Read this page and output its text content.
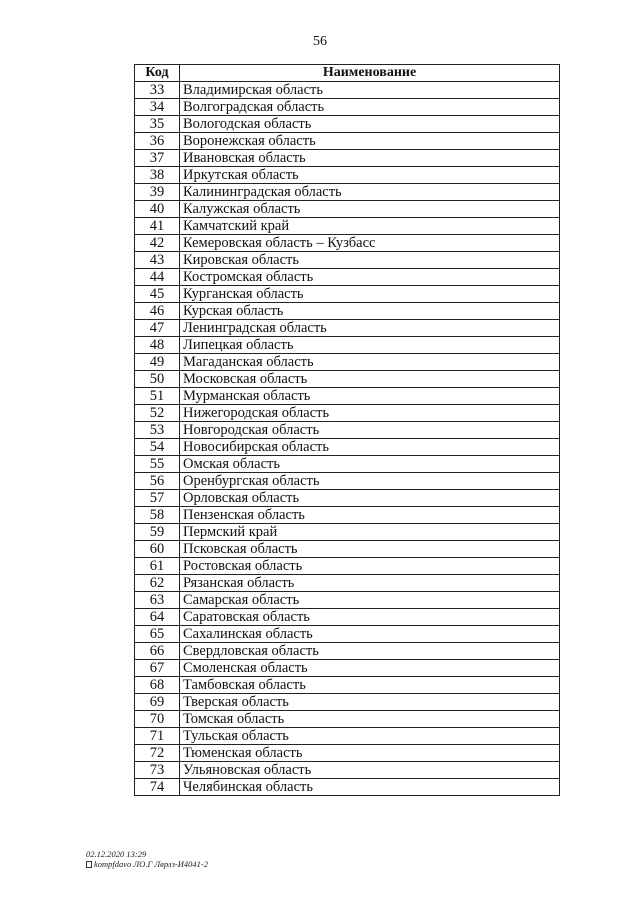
56
Код	Наименование
33	Владимирская область
34	Волгоградская область
35	Вологодская область
36	Воронежская область
37	Ивановская область
38	Иркутская область
39	Калининградская область
40	Калужская область
41	Камчатский край
42	Кемеровская область – Кузбасс
43	Кировская область
44	Костромская область
45	Курганская область
46	Курская область
47	Ленинградская область
48	Липецкая область
49	Магаданская область
50	Московская область
51	Мурманская область
52	Нижегородская область
53	Новгородская область
54	Новосибирская область
55	Омская область
56	Оренбургская область
57	Орловская область
58	Пензенская область
59	Пермский край
60	Псковская область
61	Ростовская область
62	Рязанская область
63	Самарская область
64	Саратовская область
65	Сахалинская область
66	Свердловская область
67	Смоленская область
68	Тамбовская область
69	Тверская область
70	Томская область
71	Тульская область
72	Тюменская область
73	Ульяновская область
74	Челябинская область
02.12.2020 13:29
kompfdavo ЛО.Г Лврлз-И4041-2
